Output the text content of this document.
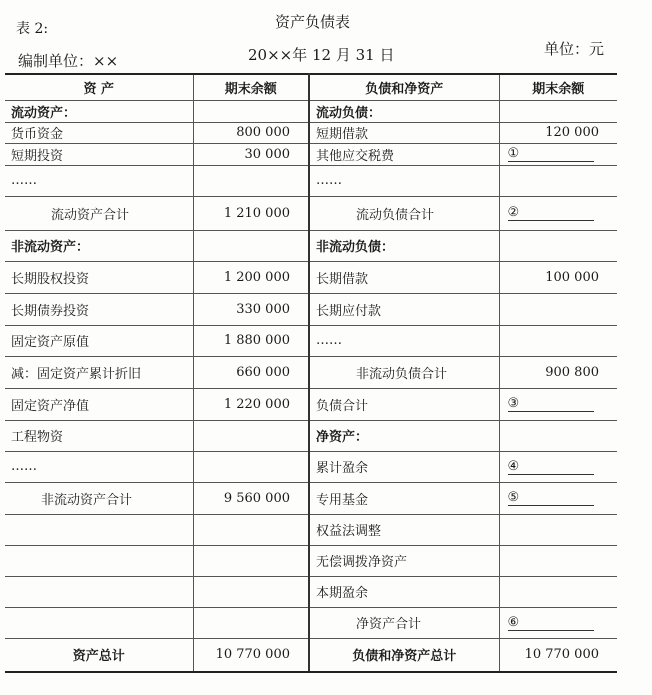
表 2:	资产负债表
编制单位：××	20××年 12 月 31 日	单位：元
资 产	期末余额	负债和净资产	期末余额
流动资产：		流动负债：	
货币资金	800 000	短期借款	120 000
短期投资	30 000	其他应交税费	①
……		……	
流动资产合计	1 210 000	流动负债合计	②
非流动资产：		非流动负债：	
长期股权投资	1 200 000	长期借款	100 000
长期债券投资	330 000	长期应付款	
固定资产原值	1 880 000	……	
减：固定资产累计折旧	660 000	非流动负债合计	900 800
固定资产净值	1 220 000	负债合计	③
工程物资		净资产：	
……		累计盈余	④
非流动资产合计	9 560 000	专用基金	⑤
		权益法调整	
		无偿调拨净资产	
		本期盈余	
		净资产合计	⑥
资产总计	10 770 000	负债和净资产总计	10 770 000
